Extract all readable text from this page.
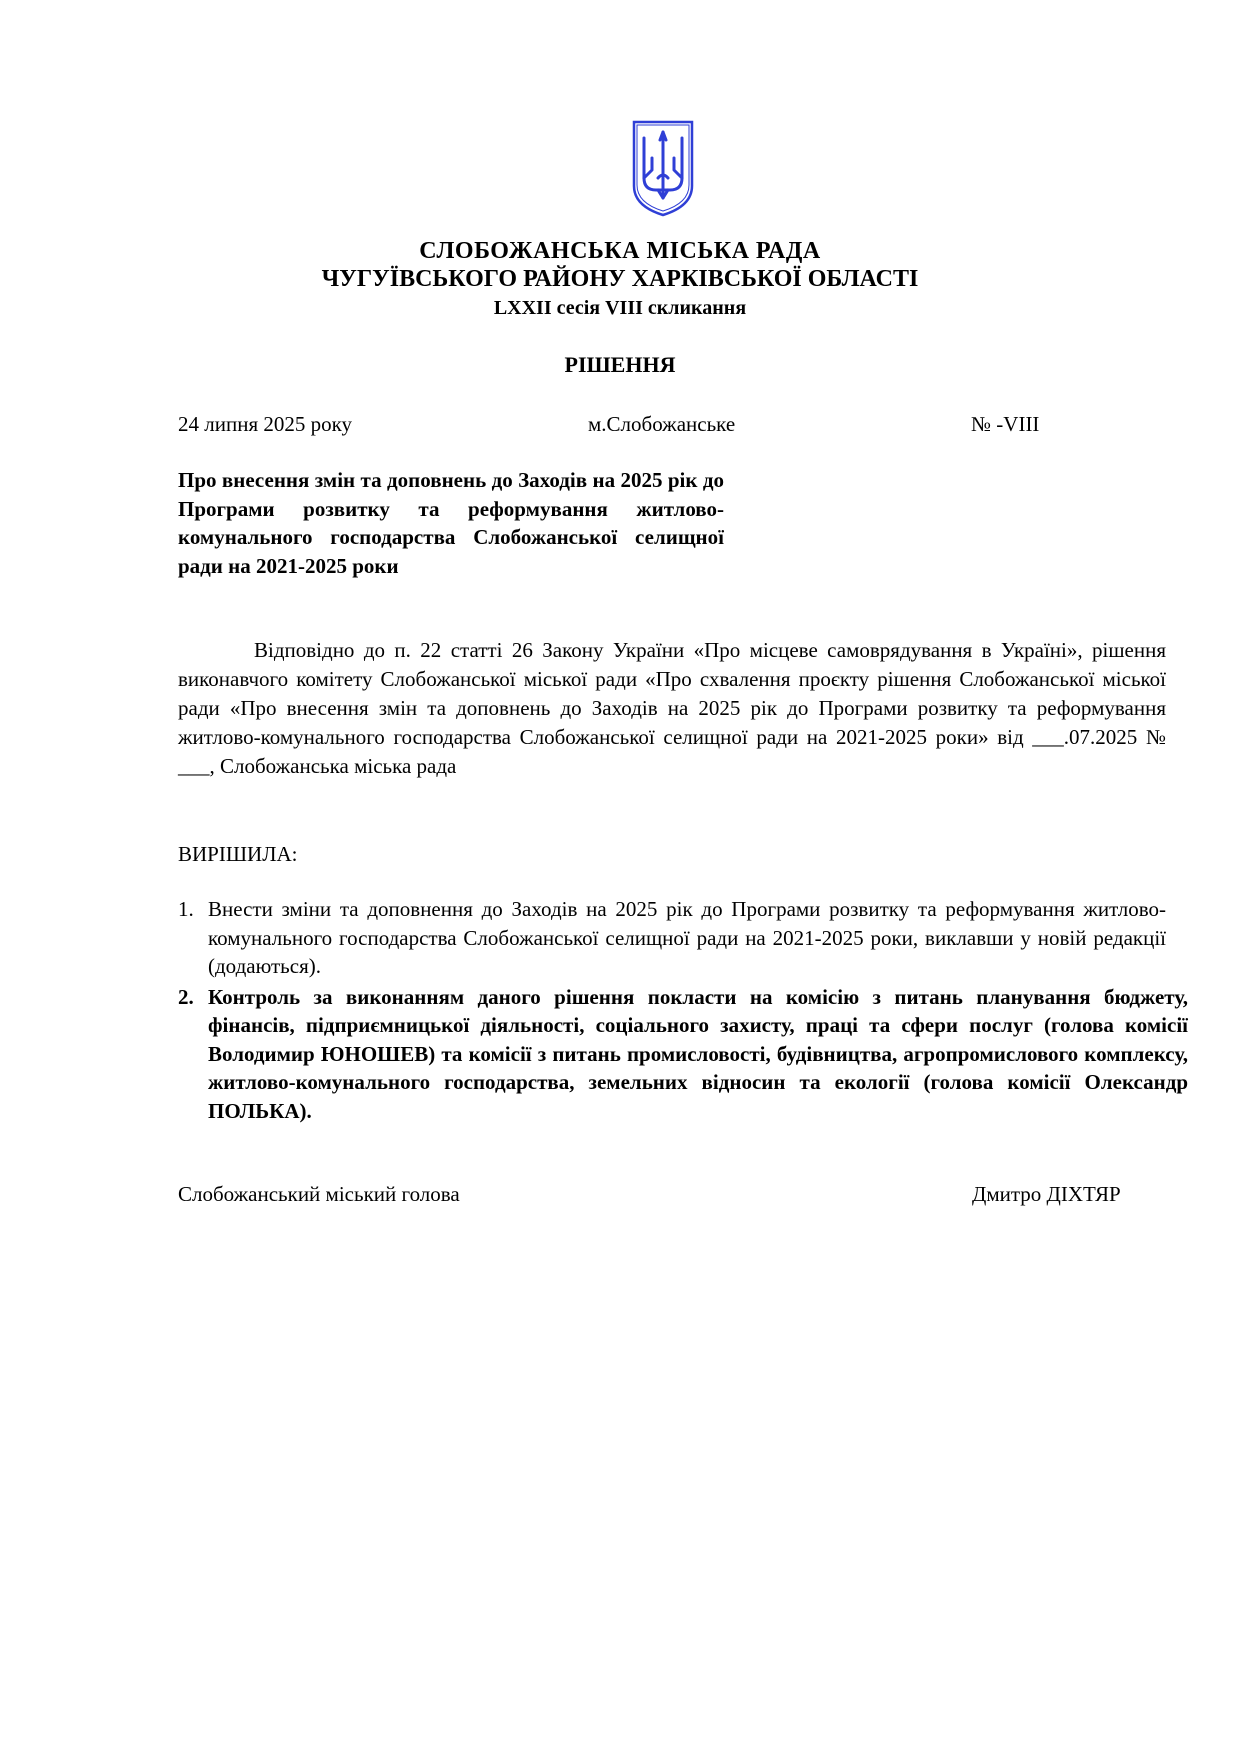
СЛОБОЖАНСЬКА МІСЬКА РАДА
ЧУГУЇВСЬКОГО РАЙОНУ ХАРКІВСЬКОЇ ОБЛАСТІ
LXXII сесія VIII скликання
РІШЕННЯ
24 липня 2025 року	м.Слобожанське	№ -VIII
Про внесення змін та доповнень до Заходів на 2025 рік до Програми розвитку та реформування житлово-комунального господарства Слобожанської селищної ради на 2021-2025 роки
Відповідно до п. 22 статті 26 Закону України «Про місцеве самоврядування в Україні», рішення виконавчого комітету Слобожанської міської ради «Про схвалення проєкту рішення Слобожанської міської ради «Про внесення змін та доповнень до Заходів на 2025 рік до Програми розвитку та реформування житлово-комунального господарства Слобожанської селищної ради на 2021-2025 роки» від ___.07.2025 № ___, Слобожанська міська рада
ВИРІШИЛА:
1. Внести зміни та доповнення до Заходів на 2025 рік до Програми розвитку та реформування житлово-комунального господарства Слобожанської селищної ради на 2021-2025 роки, виклавши у новій редакції (додаються).
2. Контроль за виконанням даного рішення покласти на комісію з питань планування бюджету, фінансів, підприємницької діяльності, соціального захисту, праці та сфери послуг (голова комісії Володимир ЮНОШЕВ) та комісії з питань промисловості, будівництва, агропромислового комплексу, житлово-комунального господарства, земельних відносин та екології (голова комісії Олександр ПОЛЬКА).
Слобожанський міський голова	Дмитро ДІХТЯР
